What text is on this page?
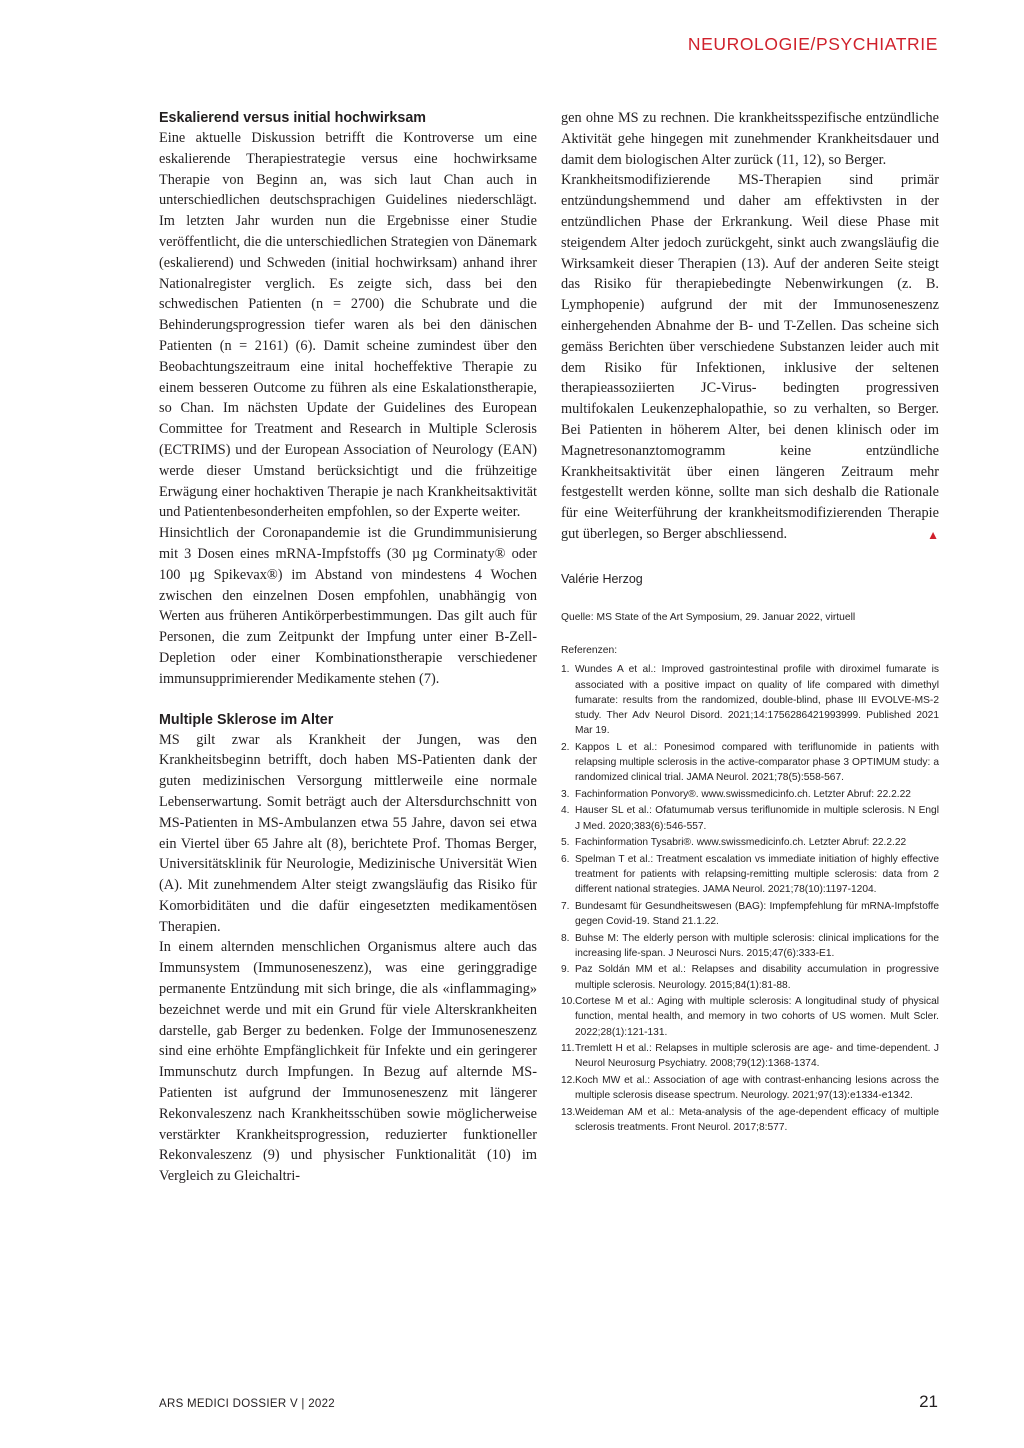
NEUROLOGIE/PSYCHIATRIE
Eskalierend versus initial hochwirksam

Eine aktuelle Diskussion betrifft die Kontroverse um eine eskalierende Therapiestrategie versus eine hochwirksame Therapie von Beginn an, was sich laut Chan auch in unterschiedlichen deutschsprachigen Guidelines niederschlägt. Im letzten Jahr wurden nun die Ergebnisse einer Studie veröffentlicht, die die unterschiedlichen Strategien von Dänemark (eskalierend) und Schweden (initial hochwirksam) anhand ihrer Nationalregister verglich. Es zeigte sich, dass bei den schwedischen Patienten (n = 2700) die Schubrate und die Behinderungsprogression tiefer waren als bei den dänischen Patienten (n = 2161) (6). Damit scheine zumindest über den Beobachtungszeitraum eine inital hocheffektive Therapie zu einem besseren Outcome zu führen als eine Eskalationstherapie, so Chan. Im nächsten Update der Guidelines des European Committee for Treatment and Research in Multiple Sclerosis (ECTRIMS) und der European Association of Neurology (EAN) werde dieser Umstand berücksichtigt und die frühzeitige Erwägung einer hochaktiven Therapie je nach Krankheitsaktivität und Patientenbesonderheiten empfohlen, so der Experte weiter.

Hinsichtlich der Coronapandemie ist die Grundimmunisierung mit 3 Dosen eines mRNA-Impfstoffs (30 µg Corminaty® oder 100 µg Spikevax®) im Abstand von mindestens 4 Wochen zwischen den einzelnen Dosen empfohlen, unabhängig von Werten aus früheren Antikörperbestimmungen. Das gilt auch für Personen, die zum Zeitpunkt der Impfung unter einer B-Zell-Depletion oder einer Kombinationstherapie verschiedener immunsupprimierender Medikamente stehen (7).

Multiple Sklerose im Alter

MS gilt zwar als Krankheit der Jungen, was den Krankheitsbeginn betrifft, doch haben MS-Patienten dank der guten medizinischen Versorgung mittlerweile eine normale Lebenserwartung. Somit beträgt auch der Altersdurchschnitt von MS-Patienten in MS-Ambulanzen etwa 55 Jahre, davon sei etwa ein Viertel über 65 Jahre alt (8), berichtete Prof. Thomas Berger, Universitätsklinik für Neurologie, Medizinische Universität Wien (A). Mit zunehmendem Alter steigt zwangsläufig das Risiko für Komorbiditäten und die dafür eingesetzten medikamentösen Therapien.

In einem alternden menschlichen Organismus altere auch das Immunsystem (Immunoseneszenz), was eine geringgradige permanente Entzündung mit sich bringe, die als «inflammaging» bezeichnet werde und mit ein Grund für viele Alterskrankheiten darstelle, gab Berger zu bedenken. Folge der Immunoseneszenz sind eine erhöhte Empfänglichkeit für Infekte und ein geringerer Immunschutz durch Impfungen. In Bezug auf alternde MS-Patienten ist aufgrund der Immunoseneszenz mit längerer Rekonvaleszenz nach Krankheitsschüben sowie möglicherweise verstärkter Krankheitsprogression, reduzierter funktioneller Rekonvaleszenz (9) und physischer Funktionalität (10) im Vergleich zu Gleichaltri-

gen ohne MS zu rechnen. Die krankheitsspezifische entzündliche Aktivität gehe hingegen mit zunehmender Krankheitsdauer und damit dem biologischen Alter zurück (11, 12), so Berger.

Krankheitsmodifizierende MS-Therapien sind primär entzündungshemmend und daher am effektivsten in der entzündlichen Phase der Erkrankung. Weil diese Phase mit steigendem Alter jedoch zurückgeht, sinkt auch zwangsläufig die Wirksamkeit dieser Therapien (13). Auf der anderen Seite steigt das Risiko für therapiebedingte Nebenwirkungen (z. B. Lymphopenie) aufgrund der mit der Immunoseneszenz einhergehenden Abnahme der B- und T-Zellen. Das scheine sich gemäss Berichten über verschiedene Substanzen leider auch mit dem Risiko für Infektionen, inklusive der seltenen therapieassoziierten JC-Virus- bedingten progressiven multifokalen Leukenzephalopathie, so zu verhalten, so Berger. Bei Patienten in höherem Alter, bei denen klinisch oder im Magnetresonanztomogramm keine entzündliche Krankheitsaktivität über einen längeren Zeitraum mehr festgestellt werden könne, sollte man sich deshalb die Rationale für eine Weiterführung der krankheitsmodifizierenden Therapie gut überlegen, so Berger abschliessend.	▲

Valérie Herzog
Quelle: MS State of the Art Symposium, 29. Januar 2022, virtuell
Referenzen:
1. Wundes A et al.: Improved gastrointestinal profile with diroximel fumarate is associated with a positive impact on quality of life compared with dimethyl fumarate: results from the randomized, double-blind, phase III EVOLVE-MS-2 study. Ther Adv Neurol Disord. 2021;14:1756286421993999. Published 2021 Mar 19.
2. Kappos L et al.: Ponesimod compared with teriflunomide in patients with relapsing multiple sclerosis in the active-comparator phase 3 OPTIMUM study: a randomized clinical trial. JAMA Neurol. 2021;78(5):558-567.
3. Fachinformation Ponvory®. www.swissmedicinfo.ch. Letzter Abruf: 22.2.22
4. Hauser SL et al.: Ofatumumab versus teriflunomide in multiple sclerosis. N Engl J Med. 2020;383(6):546-557.
5. Fachinformation Tysabri®. www.swissmedicinfo.ch. Letzter Abruf: 22.2.22
6. Spelman T et al.: Treatment escalation vs immediate initiation of highly effective treatment for patients with relapsing-remitting multiple sclerosis: data from 2 different national strategies. JAMA Neurol. 2021;78(10):1197-1204.
7. Bundesamt für Gesundheitswesen (BAG): Impfempfehlung für mRNA-Impfstoffe gegen Covid-19. Stand 21.1.22.
8. Buhse M: The elderly person with multiple sclerosis: clinical implications for the increasing life-span. J Neurosci Nurs. 2015;47(6):333-E1.
9. Paz Soldán MM et al.: Relapses and disability accumulation in progressive multiple sclerosis. Neurology. 2015;84(1):81-88.
10. Cortese M et al.: Aging with multiple sclerosis: A longitudinal study of physical function, mental health, and memory in two cohorts of US women. Mult Scler. 2022;28(1):121-131.
11. Tremlett H et al.: Relapses in multiple sclerosis are age- and time-dependent. J Neurol Neurosurg Psychiatry. 2008;79(12):1368-1374.
12. Koch MW et al.: Association of age with contrast-enhancing lesions across the multiple sclerosis disease spectrum. Neurology. 2021;97(13):e1334-e1342.
13. Weideman AM et al.: Meta-analysis of the age-dependent efficacy of multiple sclerosis treatments. Front Neurol. 2017;8:577.
ARS MEDICI DOSSIER V | 2022	21
